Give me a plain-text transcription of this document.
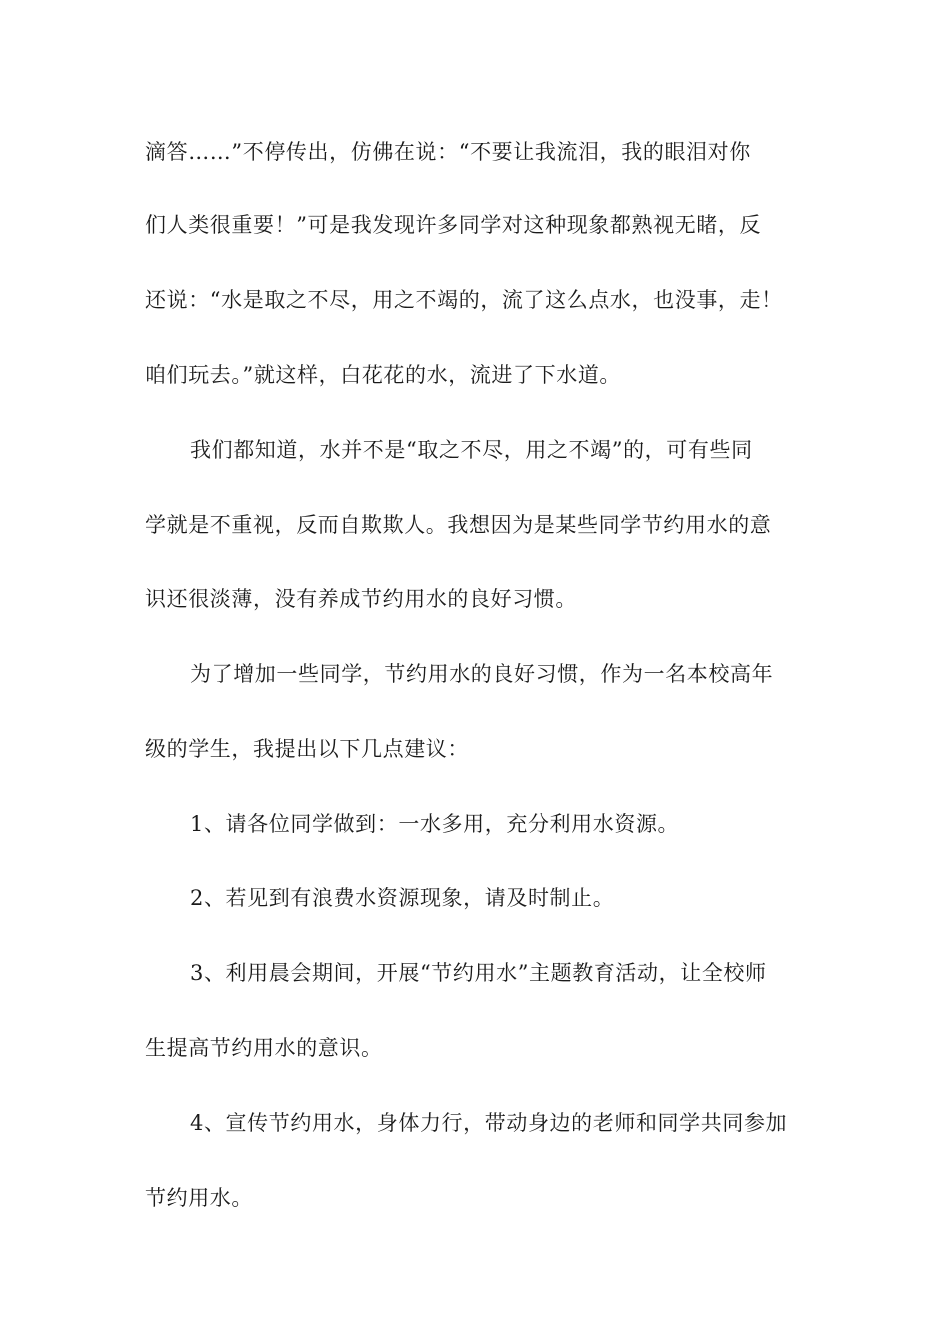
滴答……”不停传出，仿佛在说：“不要让我流泪，我的眼泪对你
们人类很重要！”可是我发现许多同学对这种现象都熟视无睹，反
还说：“水是取之不尽，用之不竭的，流了这么点水，也没事，走！
咱们玩去。”就这样，白花花的水，流进了下水道。
我们都知道，水并不是“取之不尽，用之不竭”的，可有些同
学就是不重视，反而自欺欺人。我想因为是某些同学节约用水的意
识还很淡薄，没有养成节约用水的良好习惯。
为了增加一些同学，节约用水的良好习惯，作为一名本校高年
级的学生，我提出以下几点建议：
1、请各位同学做到：一水多用，充分利用水资源。
2、若见到有浪费水资源现象，请及时制止。
3、利用晨会期间，开展“节约用水”主题教育活动，让全校师
生提高节约用水的意识。
4、宣传节约用水，身体力行，带动身边的老师和同学共同参加
节约用水。
